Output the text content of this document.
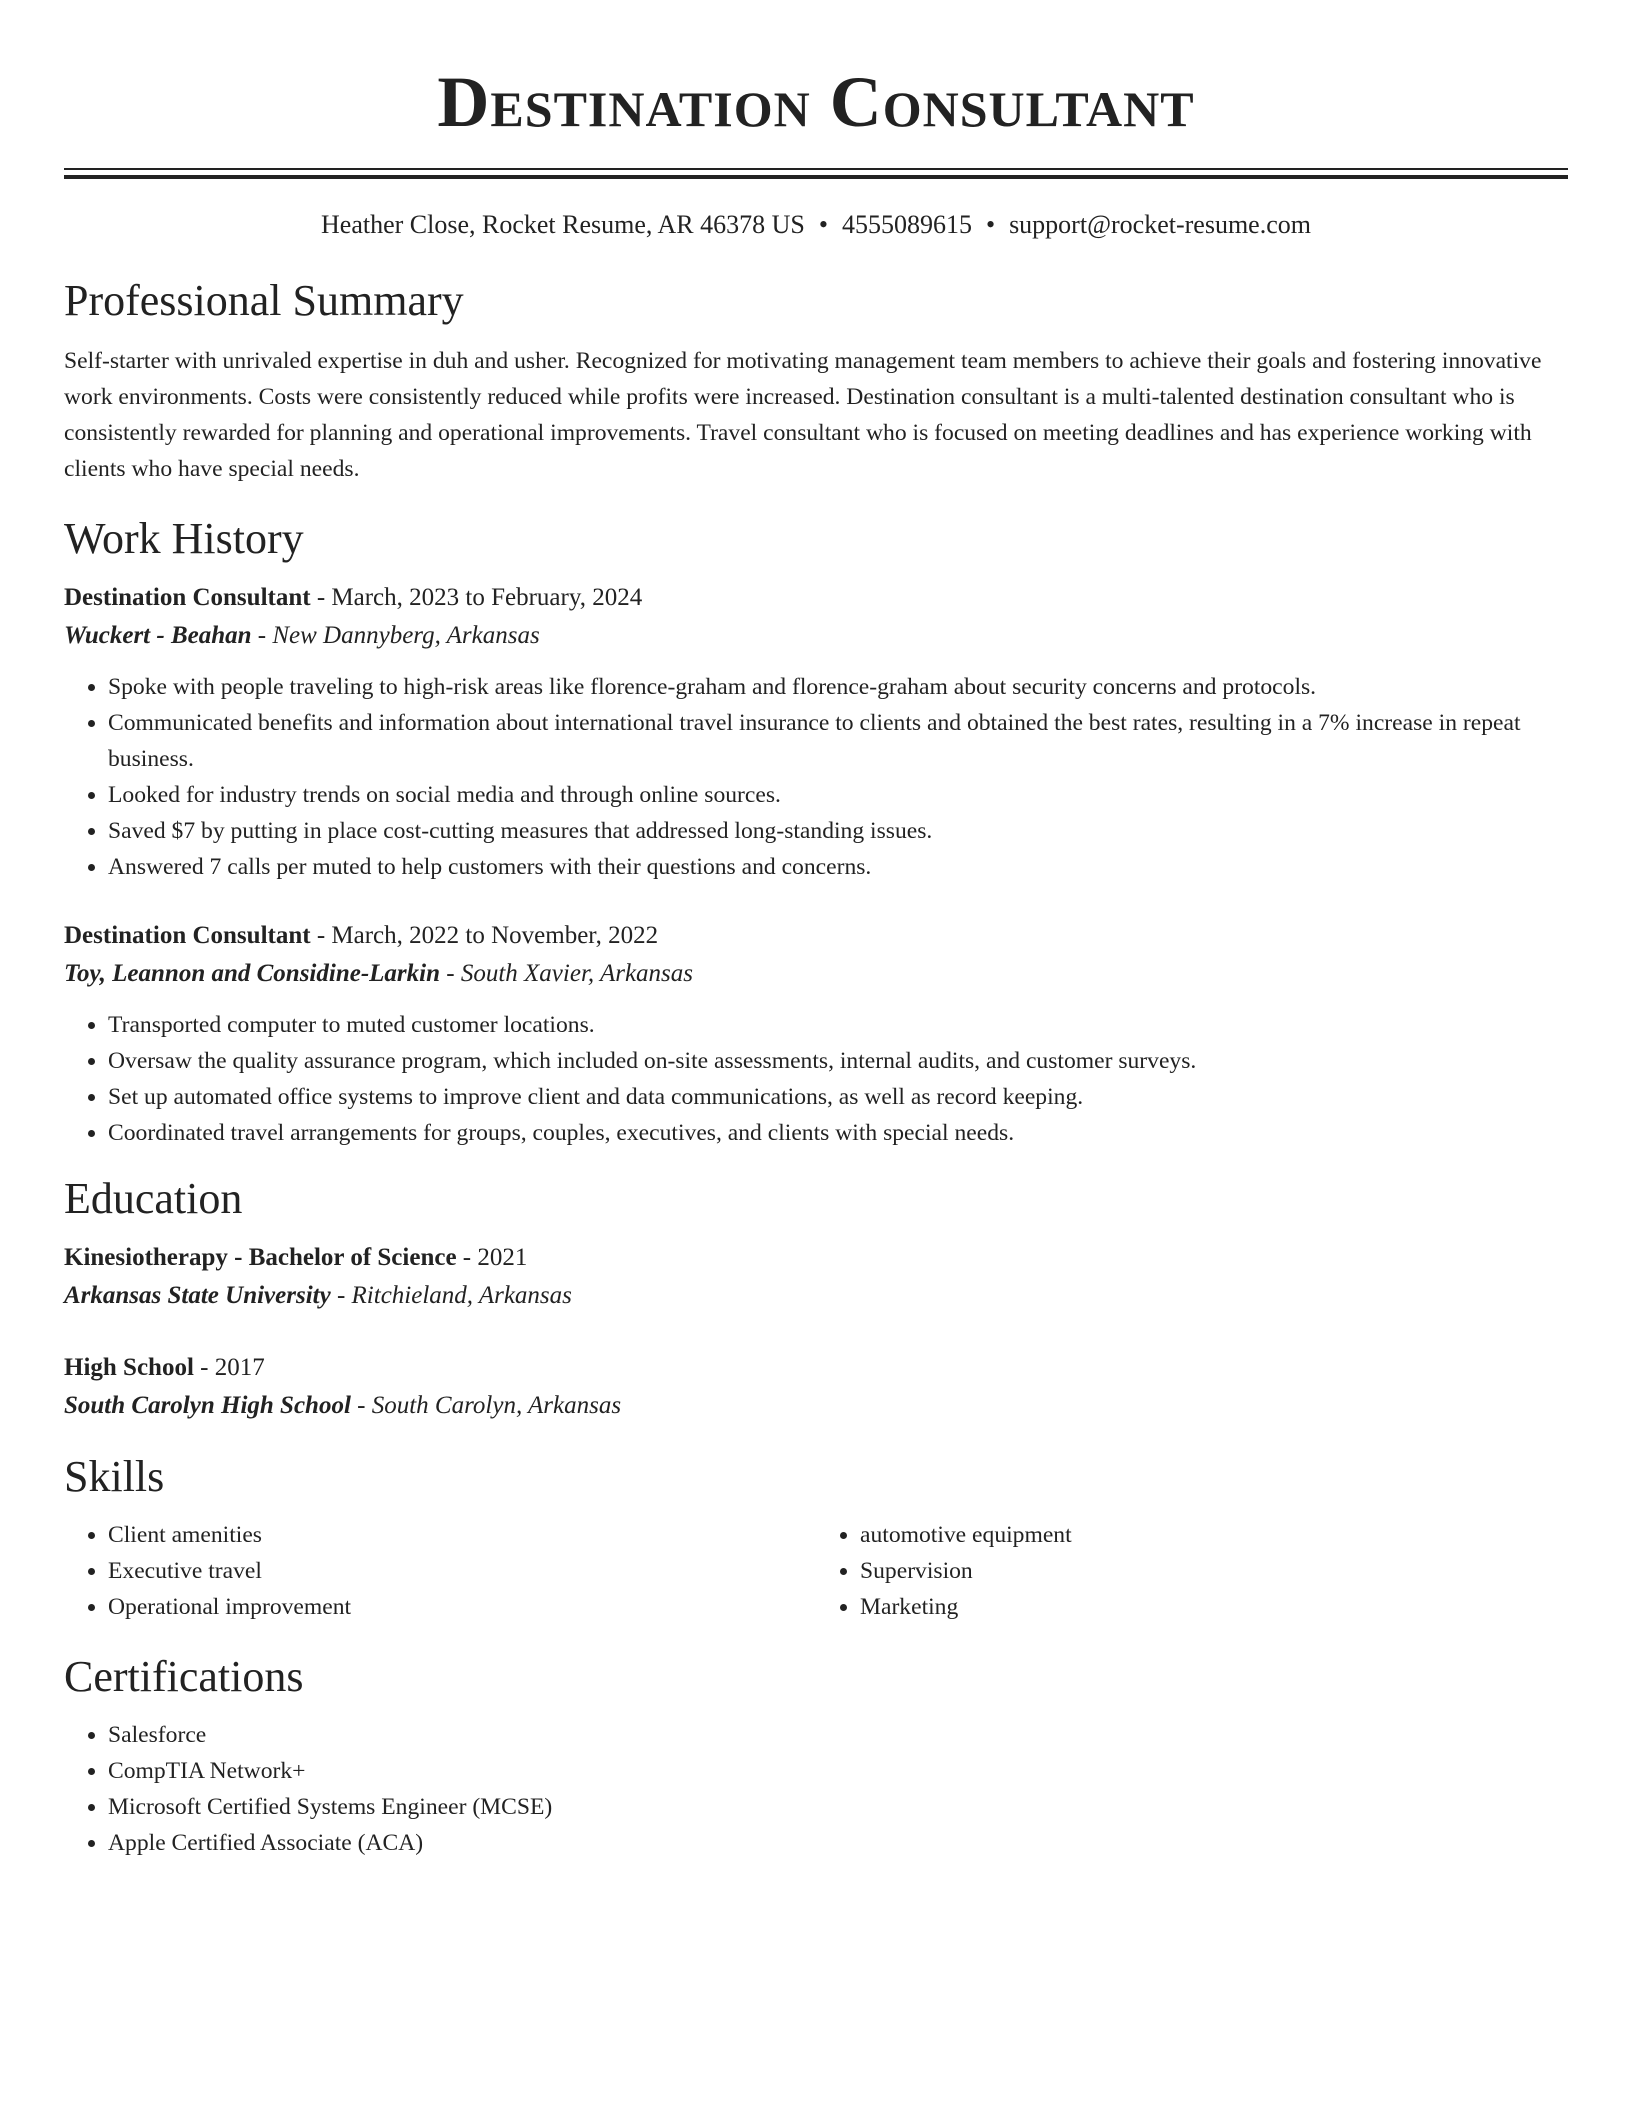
Destination Consultant
Heather Close, Rocket Resume, AR 46378 US • 4555089615 • support@rocket-resume.com
Professional Summary

Self-starter with unrivaled expertise in duh and usher. Recognized for motivating management team members to achieve their goals and fostering innovative work environments. Costs were consistently reduced while profits were increased. Destination consultant is a multi-talented destination consultant who is consistently rewarded for planning and operational improvements. Travel consultant who is focused on meeting deadlines and has experience working with clients who have special needs.

Work History
Destination Consultant - March, 2023 to February, 2024
Wuckert - Beahan - New Dannyberg, Arkansas
• Spoke with people traveling to high-risk areas like florence-graham and florence-graham about security concerns and protocols.
• Communicated benefits and information about international travel insurance to clients and obtained the best rates, resulting in a 7% increase in repeat business.
• Looked for industry trends on social media and through online sources.
• Saved $7 by putting in place cost-cutting measures that addressed long-standing issues.
• Answered 7 calls per muted to help customers with their questions and concerns.
Destination Consultant - March, 2022 to November, 2022
Toy, Leannon and Considine-Larkin - South Xavier, Arkansas
• Transported computer to muted customer locations.
• Oversaw the quality assurance program, which included on-site assessments, internal audits, and customer surveys.
• Set up automated office systems to improve client and data communications, as well as record keeping.
• Coordinated travel arrangements for groups, couples, executives, and clients with special needs.
Education
Kinesiotherapy - Bachelor of Science - 2021
Arkansas State University - Ritchieland, Arkansas
High School - 2017
South Carolyn High School - South Carolyn, Arkansas
Skills
• Client amenities
• Executive travel
• Operational improvement
• automotive equipment
• Supervision
• Marketing
Certifications
• Salesforce
• CompTIA Network+
• Microsoft Certified Systems Engineer (MCSE)
• Apple Certified Associate (ACA)
